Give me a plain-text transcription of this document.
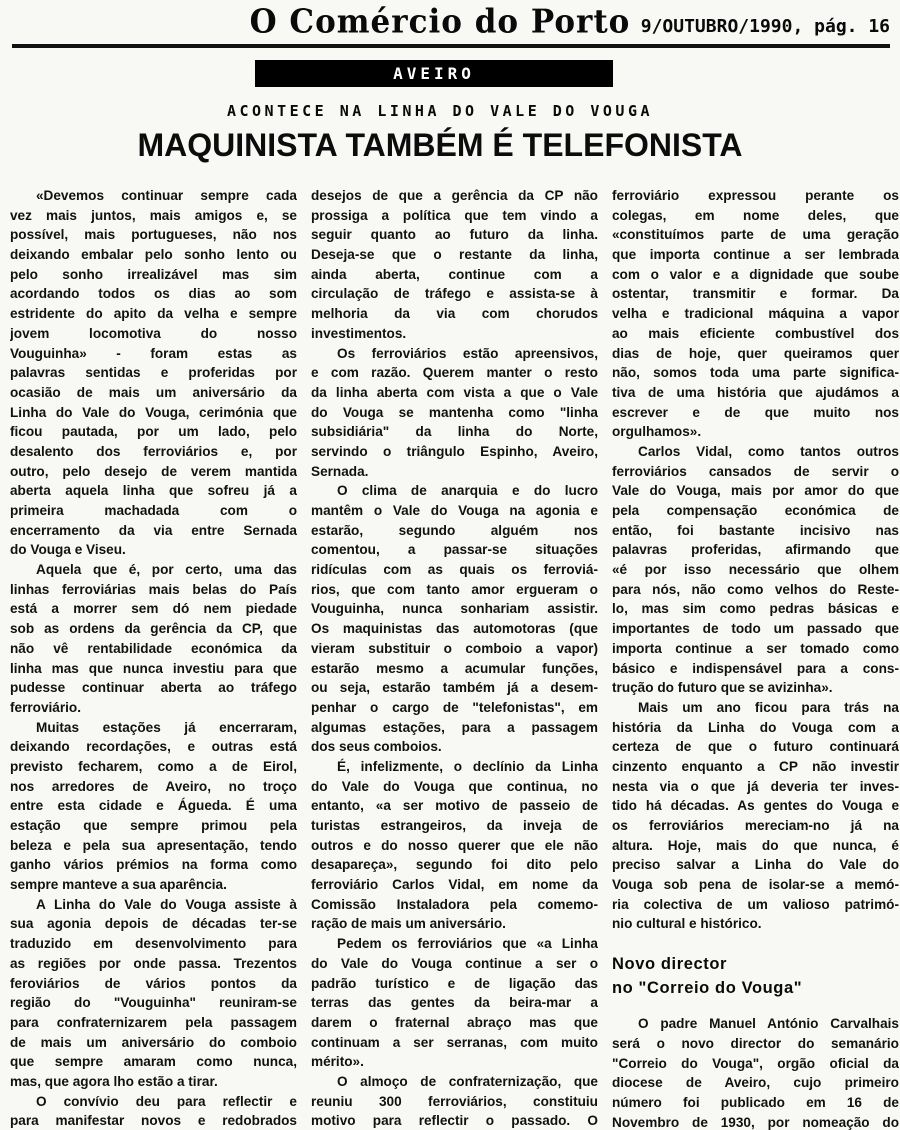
O Comércio do Porto 9/OUTUBRO/1990, pág. 16
AVEIRO
ACONTECE NA LINHA DO VALE DO VOUGA
MAQUINISTA TAMBÉM É TELEFONISTA
«Devemos continuar sempre cada
vez mais juntos, mais amigos e, se
possível, mais portugueses, não nos
deixando embalar pelo sonho lento ou
pelo sonho irrealizável mas sim
acordando todos os dias ao som
estridente do apito da velha e sempre
jovem locomotiva do nosso
Vouguinha» - foram estas as
palavras sentidas e proferidas por
ocasião de mais um aniversário da
Linha do Vale do Vouga, cerimónia que
ficou pautada, por um lado, pelo
desalento dos ferroviários e, por
outro, pelo desejo de verem mantida
aberta aquela linha que sofreu já a
primeira machadada com o
encerramento da via entre Sernada
do Vouga e Viseu.
Aquela que é, por certo, uma das
linhas ferroviárias mais belas do País
está a morrer sem dó nem piedade
sob as ordens da gerência da CP, que
não vê rentabilidade económica da
linha mas que nunca investiu para que
pudesse continuar aberta ao tráfego
ferroviário.
Muitas estações já encerraram,
deixando recordações, e outras está
previsto fecharem, como a de Eirol,
nos arredores de Aveiro, no troço
entre esta cidade e Águeda. É uma
estação que sempre primou pela
beleza e pela sua apresentação, tendo
ganho vários prémios na forma como
sempre manteve a sua aparência.
A Linha do Vale do Vouga assiste à
sua agonia depois de décadas ter-se
traduzido em desenvolvimento para
as regiões por onde passa. Trezentos
feroviários de vários pontos da
região do "Vouguinha" reuniram-se
para confraternizarem pela passagem
de mais um aniversário do comboio
que sempre amaram como nunca,
mas, que agora lho estão a tirar.
O convívio deu para reflectir e
para manifestar novos e redobrados
desejos de que a gerência da CP não
prossiga a política que tem vindo a
seguir quanto ao futuro da linha.
Deseja-se que o restante da linha,
ainda aberta, continue com a
circulação de tráfego e assista-se à
melhoria da via com chorudos
investimentos.
Os ferroviários estão apreensivos,
e com razão. Querem manter o resto
da linha aberta com vista a que o Vale
do Vouga se mantenha como "linha
subsidiária" da linha do Norte,
servindo o triângulo Espinho, Aveiro,
Sernada.
O clima de anarquia e do lucro
mantêm o Vale do Vouga na agonia e
estarão, segundo alguém nos
comentou, a passar-se situações
ridículas com as quais os ferroviá-
rios, que com tanto amor ergueram o
Vouguinha, nunca sonhariam assistir.
Os maquinistas das automotoras (que
vieram substituir o comboio a vapor)
estarão mesmo a acumular funções,
ou seja, estarão também já a desem-
penhar o cargo de "telefonistas", em
algumas estações, para a passagem
dos seus comboios.
É, infelizmente, o declínio da Linha
do Vale do Vouga que continua, no
entanto, «a ser motivo de passeio de
turistas estrangeiros, da inveja de
outros e do nosso querer que ele não
desapareça», segundo foi dito pelo
ferroviário Carlos Vidal, em nome da
Comissão Instaladora pela comemo-
ração de mais um aniversário.
Pedem os ferroviários que «a Linha
do Vale do Vouga continue a ser o
padrão turístico e de ligação das
terras das gentes da beira-mar a
darem o fraternal abraço mas que
continuam a ser serranas, com muito
mérito».
O almoço de confraternização, que
reuniu 300 ferroviários, constituiu
motivo para reflectir o passado. O
ferroviário expressou perante os
colegas, em nome deles, que
«constituímos parte de uma geração
que importa continue a ser lembrada
com o valor e a dignidade que soube
ostentar, transmitir e formar. Da
velha e tradicional máquina a vapor
ao mais eficiente combustível dos
dias de hoje, quer queiramos quer
não, somos toda uma parte significa-
tiva de uma história que ajudámos a
escrever e de que muito nos
orgulhamos».
Carlos Vidal, como tantos outros
ferroviários cansados de servir o
Vale do Vouga, mais por amor do que
pela compensação económica de
então, foi bastante incisivo nas
palavras proferidas, afirmando que
«é por isso necessário que olhem
para nós, não como velhos do Reste-
lo, mas sim como pedras básicas e
importantes de todo um passado que
importa continue a ser tomado como
básico e indispensável para a cons-
trução do futuro que se avizinha».
Mais um ano ficou para trás na
história da Linha do Vouga com a
certeza de que o futuro continuará
cinzento enquanto a CP não investir
nesta via o que já deveria ter inves-
tido há décadas. As gentes do Vouga e
os ferroviários mereciam-no já na
altura. Hoje, mais do que nunca, é
preciso salvar a Linha do Vale do
Vouga sob pena de isolar-se a memó-
ria colectiva de um valioso patrimó-
nio cultural e histórico.
Novo director
no "Correio do Vouga"
O padre Manuel António Carvalhais
será o novo director do semanário
"Correio do Vouga", orgão oficial da
diocese de Aveiro, cujo primeiro
número foi publicado em 16 de
Novembro de 1930, por nomeação do
